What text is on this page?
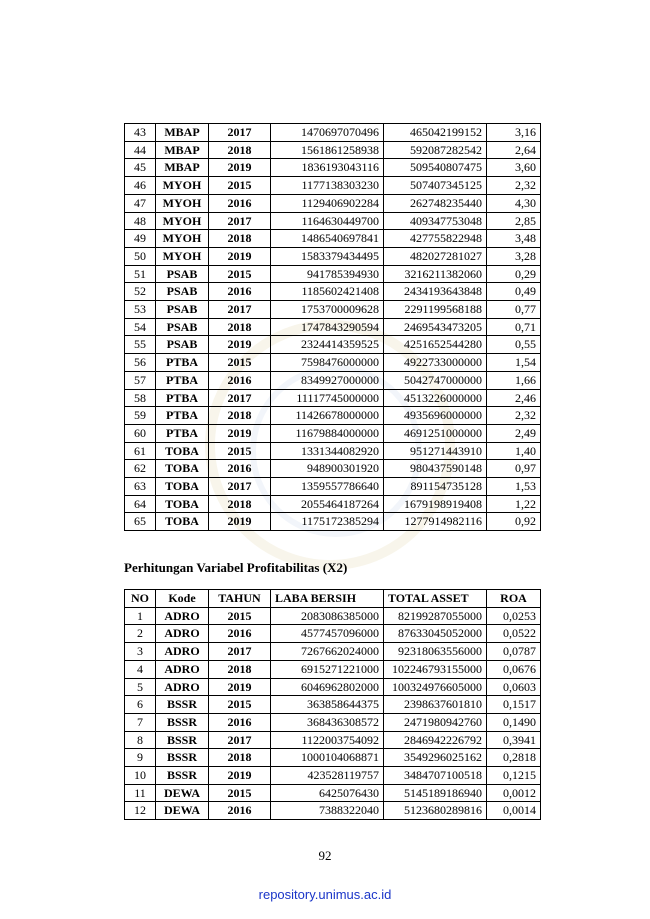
43	MBAP	2017	1470697070496	465042199152	3,16
44	MBAP	2018	1561861258938	592087282542	2,64
45	MBAP	2019	1836193043116	509540807475	3,60
46	MYOH	2015	1177138303230	507407345125	2,32
47	MYOH	2016	1129406902284	262748235440	4,30
48	MYOH	2017	1164630449700	409347753048	2,85
49	MYOH	2018	1486540697841	427755822948	3,48
50	MYOH	2019	1583379434495	482027281027	3,28
51	PSAB	2015	941785394930	3216211382060	0,29
52	PSAB	2016	1185602421408	2434193643848	0,49
53	PSAB	2017	1753700009628	2291199568188	0,77
54	PSAB	2018	1747843290594	2469543473205	0,71
55	PSAB	2019	2324414359525	4251652544280	0,55
56	PTBA	2015	7598476000000	4922733000000	1,54
57	PTBA	2016	8349927000000	5042747000000	1,66
58	PTBA	2017	11117745000000	4513226000000	2,46
59	PTBA	2018	11426678000000	4935696000000	2,32
60	PTBA	2019	11679884000000	4691251000000	2,49
61	TOBA	2015	1331344082920	951271443910	1,40
62	TOBA	2016	948900301920	980437590148	0,97
63	TOBA	2017	1359557786640	891154735128	1,53
64	TOBA	2018	2055464187264	1679198919408	1,22
65	TOBA	2019	1175172385294	1277914982116	0,92
Perhitungan Variabel Profitabilitas (X2)
NO	Kode	TAHUN	LABA BERSIH	TOTAL ASSET	ROA
1	ADRO	2015	2083086385000	82199287055000	0,0253
2	ADRO	2016	4577457096000	87633045052000	0,0522
3	ADRO	2017	7267662024000	92318063556000	0,0787
4	ADRO	2018	6915271221000	102246793155000	0,0676
5	ADRO	2019	6046962802000	100324976605000	0,0603
6	BSSR	2015	363858644375	2398637601810	0,1517
7	BSSR	2016	368436308572	2471980942760	0,1490
8	BSSR	2017	1122003754092	2846942226792	0,3941
9	BSSR	2018	1000104068871	3549296025162	0,2818
10	BSSR	2019	423528119757	3484707100518	0,1215
11	DEWA	2015	6425076430	5145189186940	0,0012
12	DEWA	2016	7388322040	5123680289816	0,0014
92
repository.unimus.ac.id
